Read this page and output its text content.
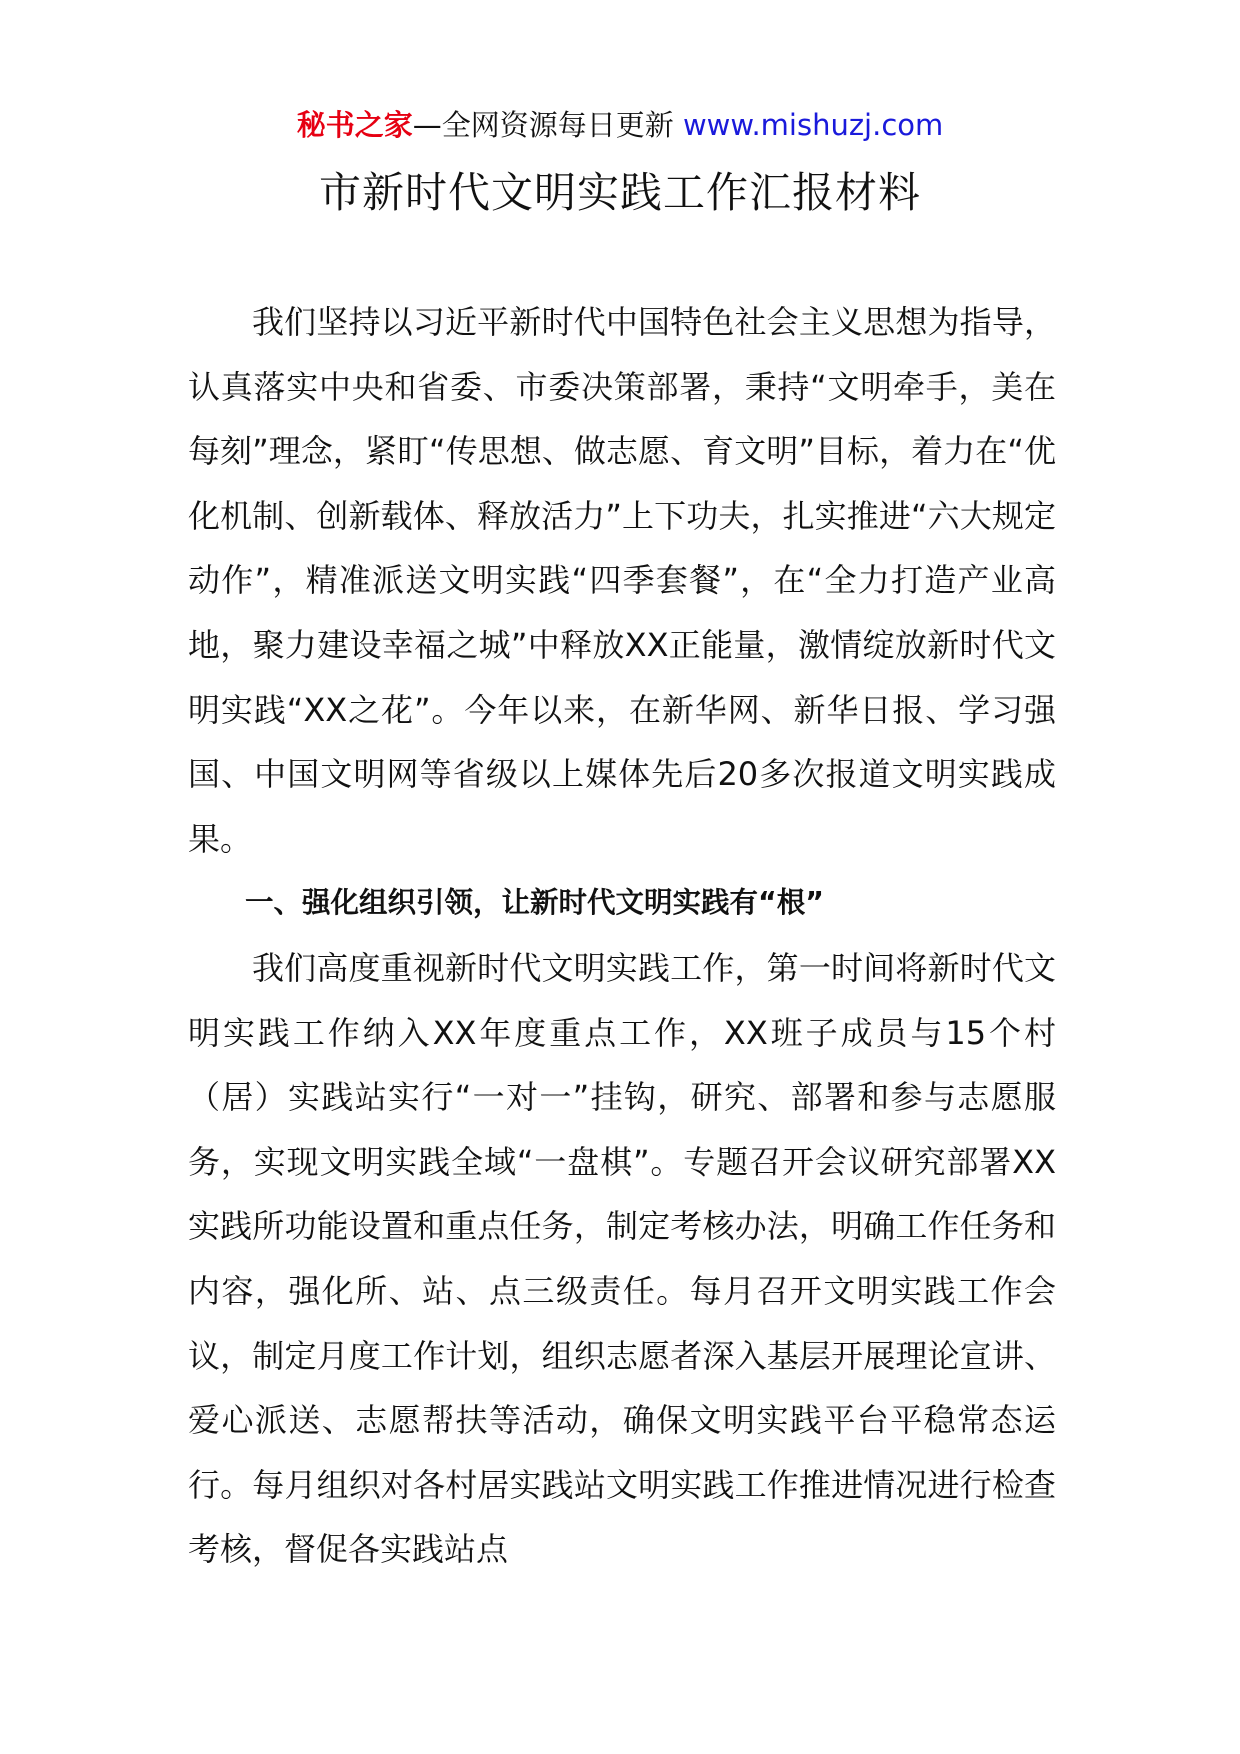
秘书之家—全网资源每日更新 www.mishuzj.com
市新时代文明实践工作汇报材料

我们坚持以习近平新时代中国特色社会主义思想为指导，认真落实中央和省委、市委决策部署，秉持“文明牵手，美在每刻”理念，紧盯“传思想、做志愿、育文明”目标，着力在“优化机制、创新载体、释放活力”上下功夫，扎实推进“六大规定动作”，精准派送文明实践“四季套餐”，在“全力打造产业高地，聚力建设幸福之城”中释放XX正能量，激情绽放新时代文明实践“XX之花”。今年以来，在新华网、新华日报、学习强国、中国文明网等省级以上媒体先后20多次报道文明实践成果。

一、强化组织引领，让新时代文明实践有“根”

我们高度重视新时代文明实践工作，第一时间将新时代文明实践工作纳入XX年度重点工作，XX班子成员与15个村（居）实践站实行“一对一”挂钩，研究、部署和参与志愿服务，实现文明实践全域“一盘棋”。专题召开会议研究部署XX实践所功能设置和重点任务，制定考核办法，明确工作任务和内容，强化所、站、点三级责任。每月召开文明实践工作会议，制定月度工作计划，组织志愿者深入基层开展理论宣讲、爱心派送、志愿帮扶等活动，确保文明实践平台平稳常态运行。每月组织对各村居实践站文明实践工作推进情况进行检查考核，督促各实践站点
